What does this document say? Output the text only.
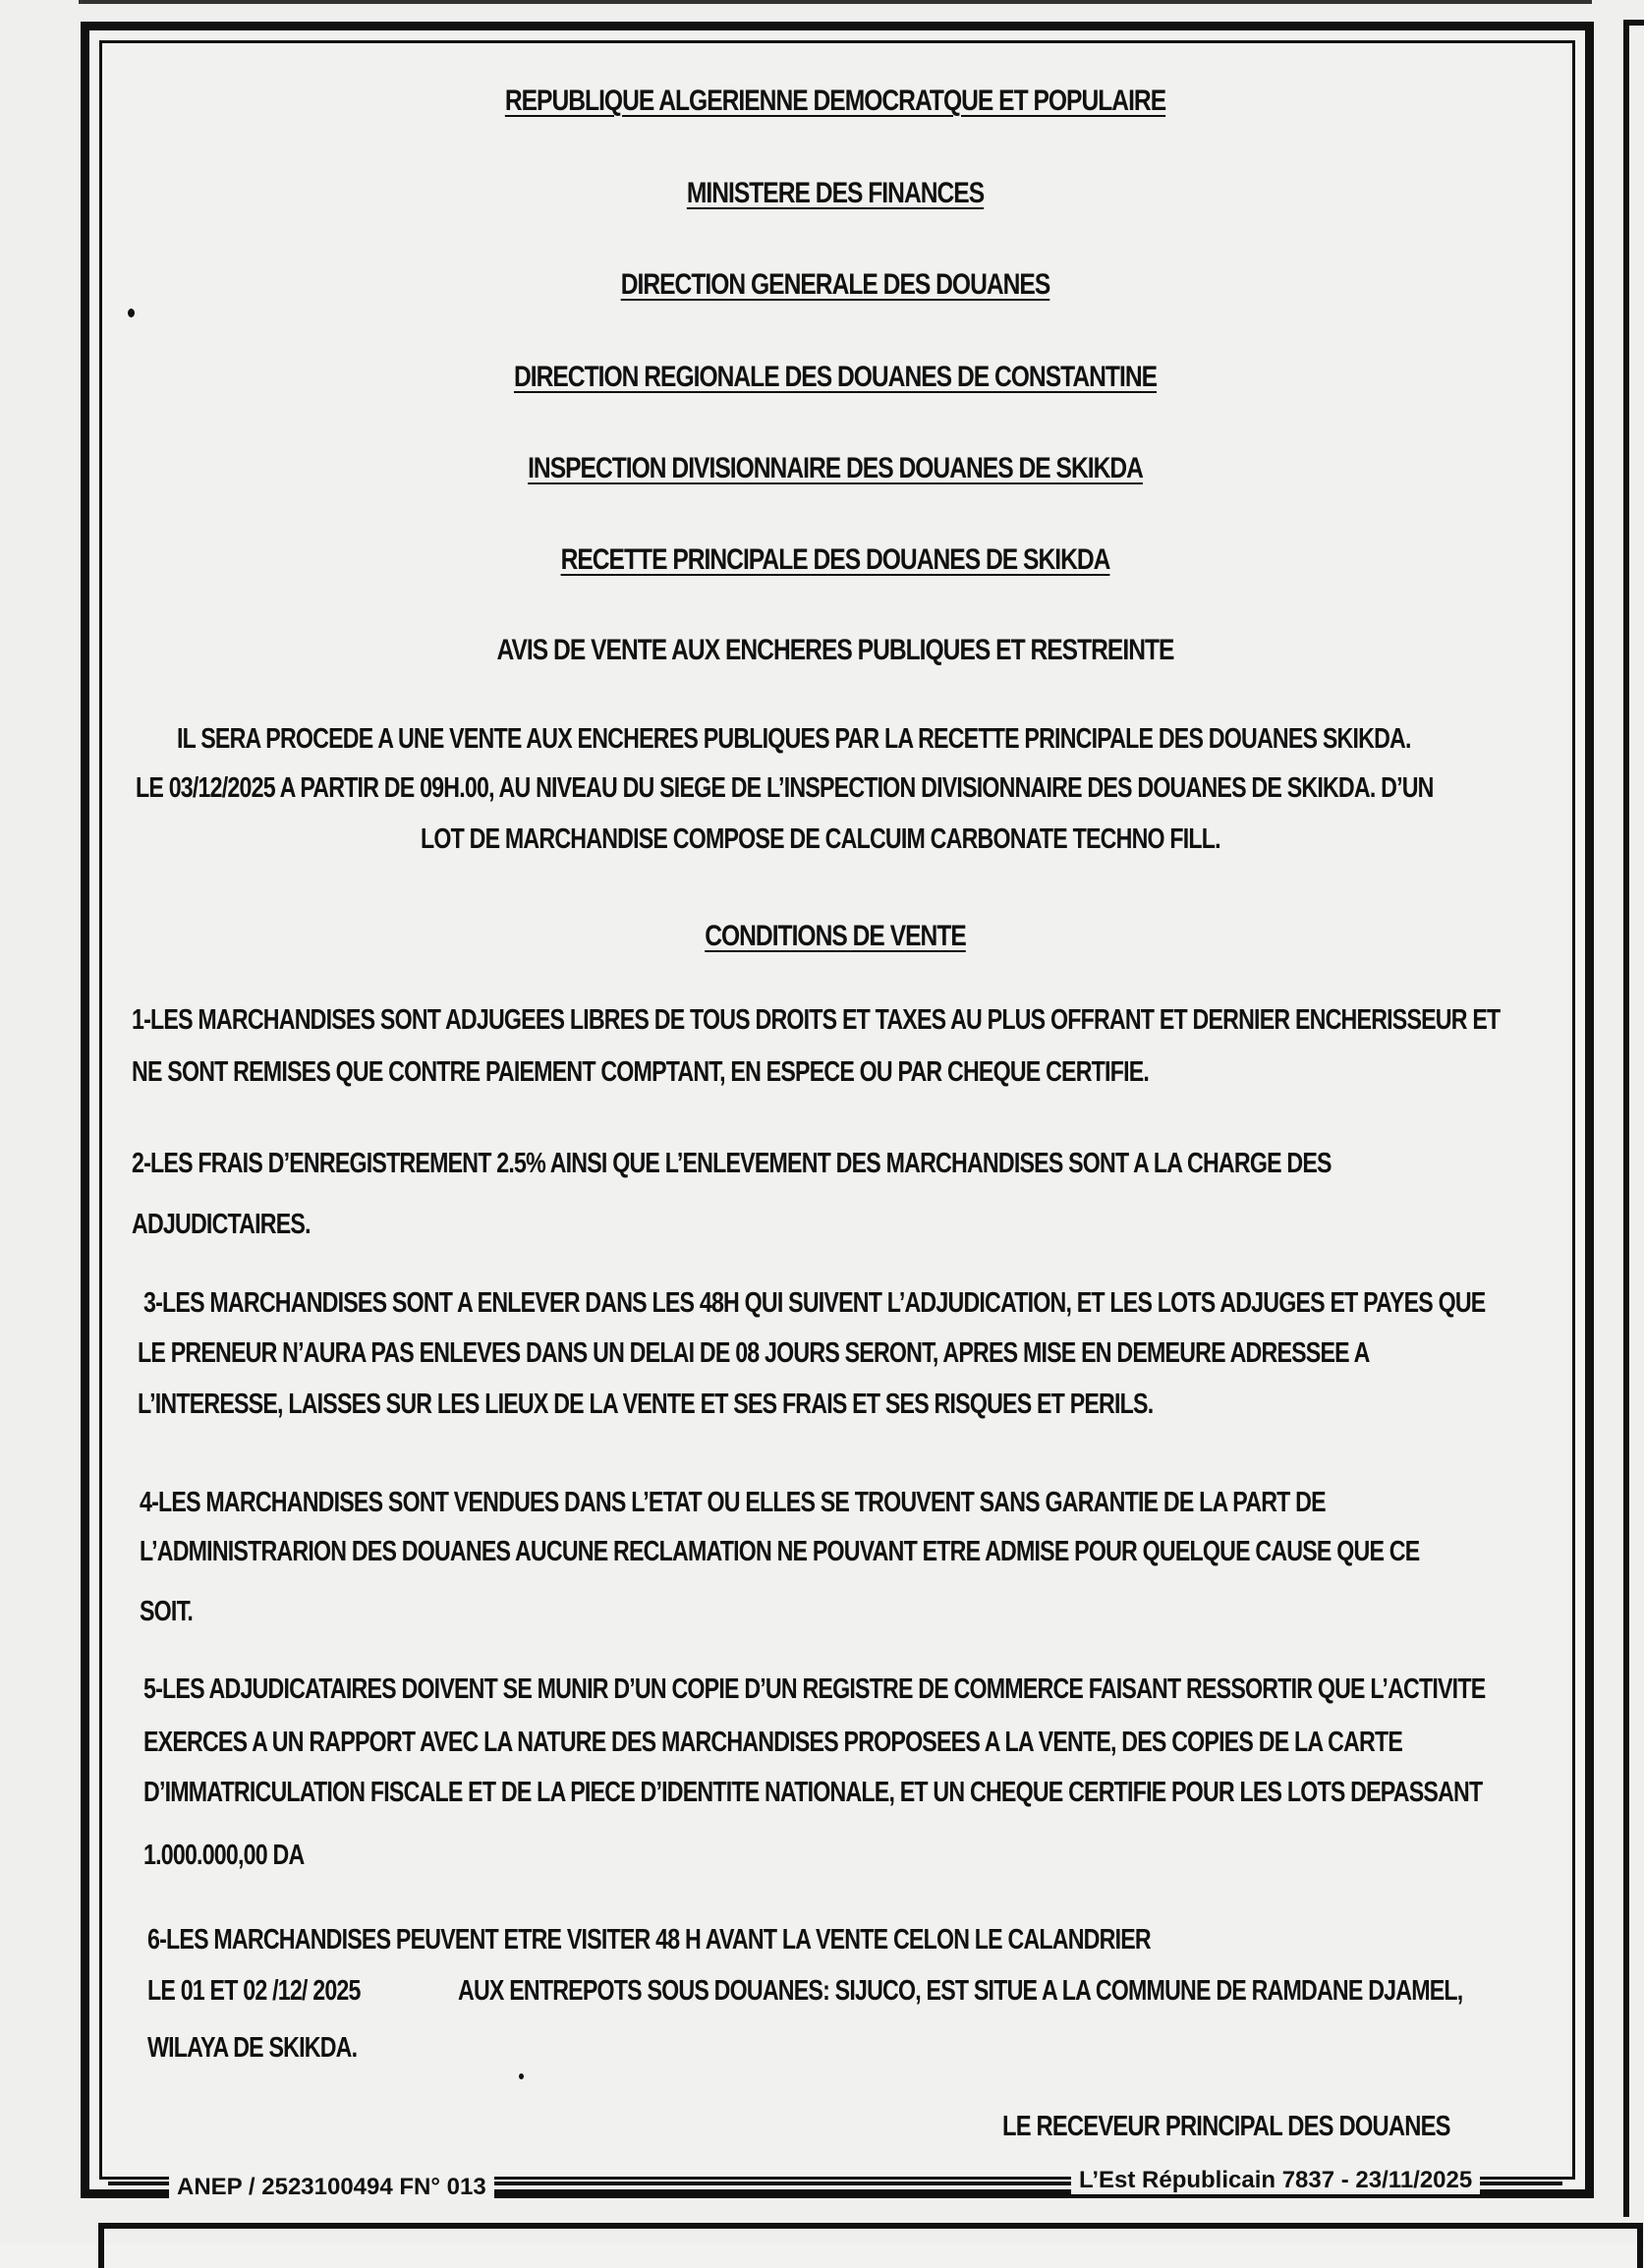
REPUBLIQUE ALGERIENNE DEMOCRATQUE ET POPULAIRE
MINISTERE DES FINANCES
DIRECTION GENERALE DES DOUANES
DIRECTION REGIONALE DES DOUANES DE CONSTANTINE
INSPECTION DIVISIONNAIRE DES DOUANES DE SKIKDA
RECETTE PRINCIPALE DES DOUANES DE SKIKDA
AVIS DE VENTE AUX ENCHERES PUBLIQUES ET RESTREINTE
IL SERA PROCEDE A UNE VENTE AUX ENCHERES PUBLIQUES PAR LA RECETTE PRINCIPALE DES DOUANES SKIKDA.
LE 03/12/2025 A PARTIR DE 09H.00, AU NIVEAU DU SIEGE DE L’INSPECTION DIVISIONNAIRE DES DOUANES DE SKIKDA. D’UN
LOT DE MARCHANDISE COMPOSE DE CALCUIM CARBONATE TECHNO FILL.
CONDITIONS DE VENTE
1-LES MARCHANDISES SONT ADJUGEES LIBRES DE TOUS DROITS ET TAXES AU PLUS OFFRANT ET DERNIER ENCHERISSEUR ET
NE SONT REMISES QUE CONTRE PAIEMENT COMPTANT, EN ESPECE OU PAR CHEQUE CERTIFIE.
2-LES FRAIS D’ENREGISTREMENT 2.5% AINSI QUE L’ENLEVEMENT DES MARCHANDISES SONT A LA CHARGE DES
ADJUDICTAIRES.
3-LES MARCHANDISES SONT A ENLEVER DANS LES 48H QUI SUIVENT L’ADJUDICATION, ET LES LOTS ADJUGES ET PAYES QUE
LE PRENEUR N’AURA PAS ENLEVES DANS UN DELAI DE 08 JOURS SERONT, APRES MISE EN DEMEURE ADRESSEE A
L’INTERESSE, LAISSES SUR LES LIEUX DE LA VENTE ET SES FRAIS ET SES RISQUES ET PERILS.
4-LES MARCHANDISES SONT VENDUES DANS L’ETAT OU ELLES SE TROUVENT SANS GARANTIE DE LA PART DE
L’ADMINISTRARION DES DOUANES AUCUNE RECLAMATION NE POUVANT ETRE ADMISE POUR QUELQUE CAUSE QUE CE
SOIT.
5-LES ADJUDICATAIRES DOIVENT SE MUNIR D’UN COPIE D’UN REGISTRE DE COMMERCE FAISANT RESSORTIR QUE L’ACTIVITE
EXERCES A UN RAPPORT AVEC LA NATURE DES MARCHANDISES PROPOSEES A LA VENTE, DES COPIES DE LA CARTE
D’IMMATRICULATION FISCALE ET DE LA PIECE D’IDENTITE NATIONALE, ET UN CHEQUE CERTIFIE POUR LES LOTS DEPASSANT
1.000.000,00 DA
6-LES MARCHANDISES PEUVENT ETRE VISITER 48 H AVANT LA VENTE CELON LE CALANDRIER
LE 01 ET 02 /12/ 2025	AUX ENTREPOTS SOUS DOUANES: SIJUCO, EST SITUE A LA COMMUNE DE RAMDANE DJAMEL,
WILAYA DE SKIKDA.
LE RECEVEUR PRINCIPAL DES DOUANES
ANEP / 2523100494 FN° 013	L’Est Républicain 7837 - 23/11/2025
